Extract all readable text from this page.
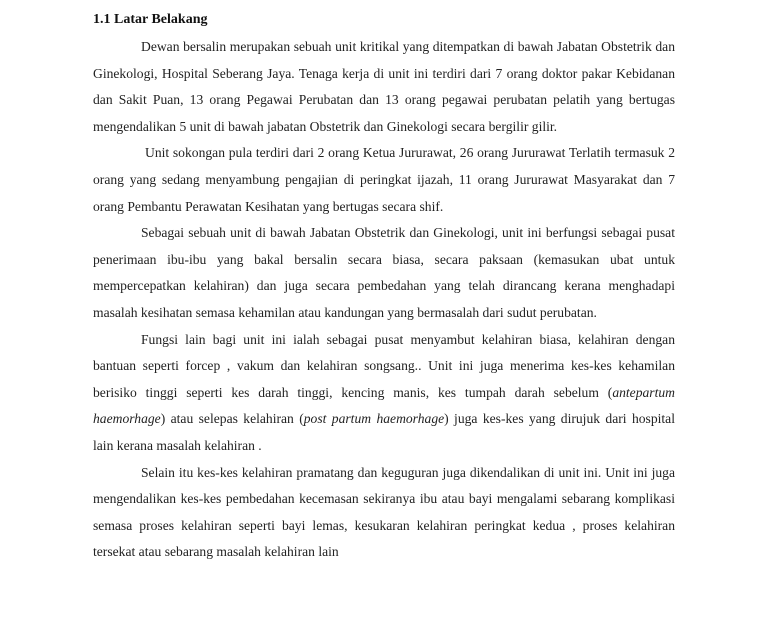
1.1 Latar Belakang

Dewan bersalin merupakan sebuah unit kritikal yang ditempatkan di bawah Jabatan Obstetrik dan Ginekologi, Hospital Seberang Jaya. Tenaga kerja di unit ini terdiri dari 7 orang doktor pakar Kebidanan dan Sakit Puan, 13 orang Pegawai Perubatan dan 13 orang pegawai perubatan pelatih yang bertugas mengendalikan 5 unit di bawah jabatan Obstetrik dan Ginekologi secara bergilir gilir.

Unit sokongan pula terdiri dari 2 orang Ketua Jururawat, 26 orang Jururawat Terlatih termasuk 2 orang yang sedang menyambung pengajian di peringkat ijazah, 11 orang Jururawat Masyarakat dan 7 orang Pembantu Perawatan Kesihatan yang bertugas secara shif.

Sebagai sebuah unit di bawah Jabatan Obstetrik dan Ginekologi, unit ini berfungsi sebagai pusat penerimaan ibu-ibu yang bakal bersalin secara biasa, secara paksaan (kemasukan ubat untuk mempercepatkan kelahiran) dan juga secara pembedahan yang telah dirancang kerana menghadapi masalah kesihatan semasa kehamilan atau kandungan yang bermasalah dari sudut perubatan.

Fungsi lain bagi unit ini ialah sebagai pusat menyambut kelahiran biasa, kelahiran dengan bantuan seperti forcep , vakum dan kelahiran songsang.. Unit ini juga menerima kes-kes kehamilan berisiko tinggi seperti kes darah tinggi, kencing manis, kes tumpah darah sebelum (antepartum haemorhage) atau selepas kelahiran (post partum haemorhage) juga kes-kes yang dirujuk dari hospital lain kerana masalah kelahiran .

Selain itu kes-kes kelahiran pramatang dan keguguran juga dikendalikan di unit ini. Unit ini juga mengendalikan kes-kes pembedahan kecemasan sekiranya ibu atau bayi mengalami sebarang komplikasi semasa proses kelahiran seperti bayi lemas, kesukaran kelahiran peringkat kedua , proses kelahiran tersekat atau sebarang masalah kelahiran lain
